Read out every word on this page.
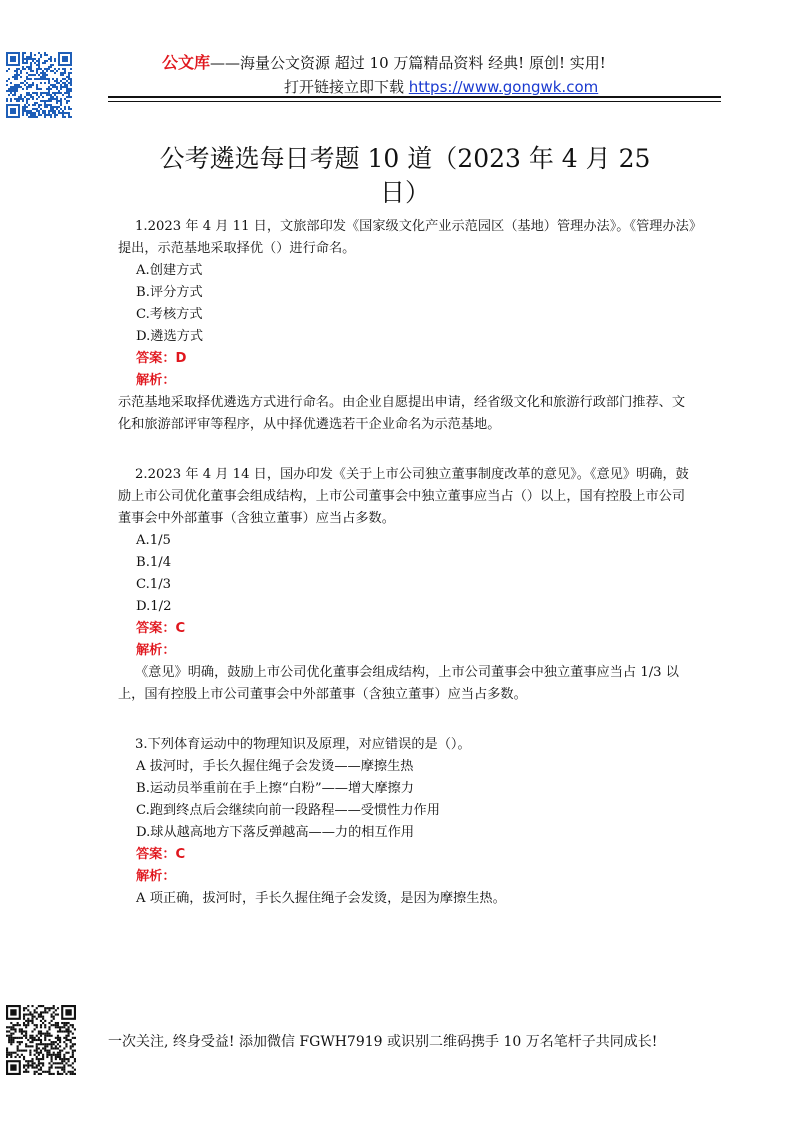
公文库——海量公文资源 超过 10 万篇精品资料 经典! 原创! 实用!
打开链接立即下载 https://www.gongwk.com
公考遴选每日考题 10 道（2023 年 4 月 25
日）

1.2023 年 4 月 11 日，文旅部印发《国家级文化产业示范园区（基地）管理办法》。《管理办法》提出，示范基地采取择优（）进行命名。

A.创建方式

B.评分方式

C.考核方式

D.遴选方式

答案：D

解析：

示范基地采取择优遴选方式进行命名。由企业自愿提出申请，经省级文化和旅游行政部门推荐、文化和旅游部评审等程序，从中择优遴选若干企业命名为示范基地。

2.2023 年 4 月 14 日，国办印发《关于上市公司独立董事制度改革的意见》。《意见》明确，鼓励上市公司优化董事会组成结构，上市公司董事会中独立董事应当占（）以上，国有控股上市公司董事会中外部董事（含独立董事）应当占多数。

A.1/5

B.1/4

C.1/3

D.1/2

答案：C

解析：

《意见》明确，鼓励上市公司优化董事会组成结构，上市公司董事会中独立董事应当占 1/3 以上，国有控股上市公司董事会中外部董事（含独立董事）应当占多数。

3.下列体育运动中的物理知识及原理，对应错误的是（）。

A 拔河时，手长久握住绳子会发烫——摩擦生热

B.运动员举重前在手上擦“白粉”——增大摩擦力

C.跑到终点后会继续向前一段路程——受惯性力作用

D.球从越高地方下落反弹越高——力的相互作用

答案：C

解析：

A 项正确，拔河时，手长久握住绳子会发烫，是因为摩擦生热。

一次关注, 终身受益! 添加微信 FGWH7919 或识别二维码携手 10 万名笔杆子共同成长!
